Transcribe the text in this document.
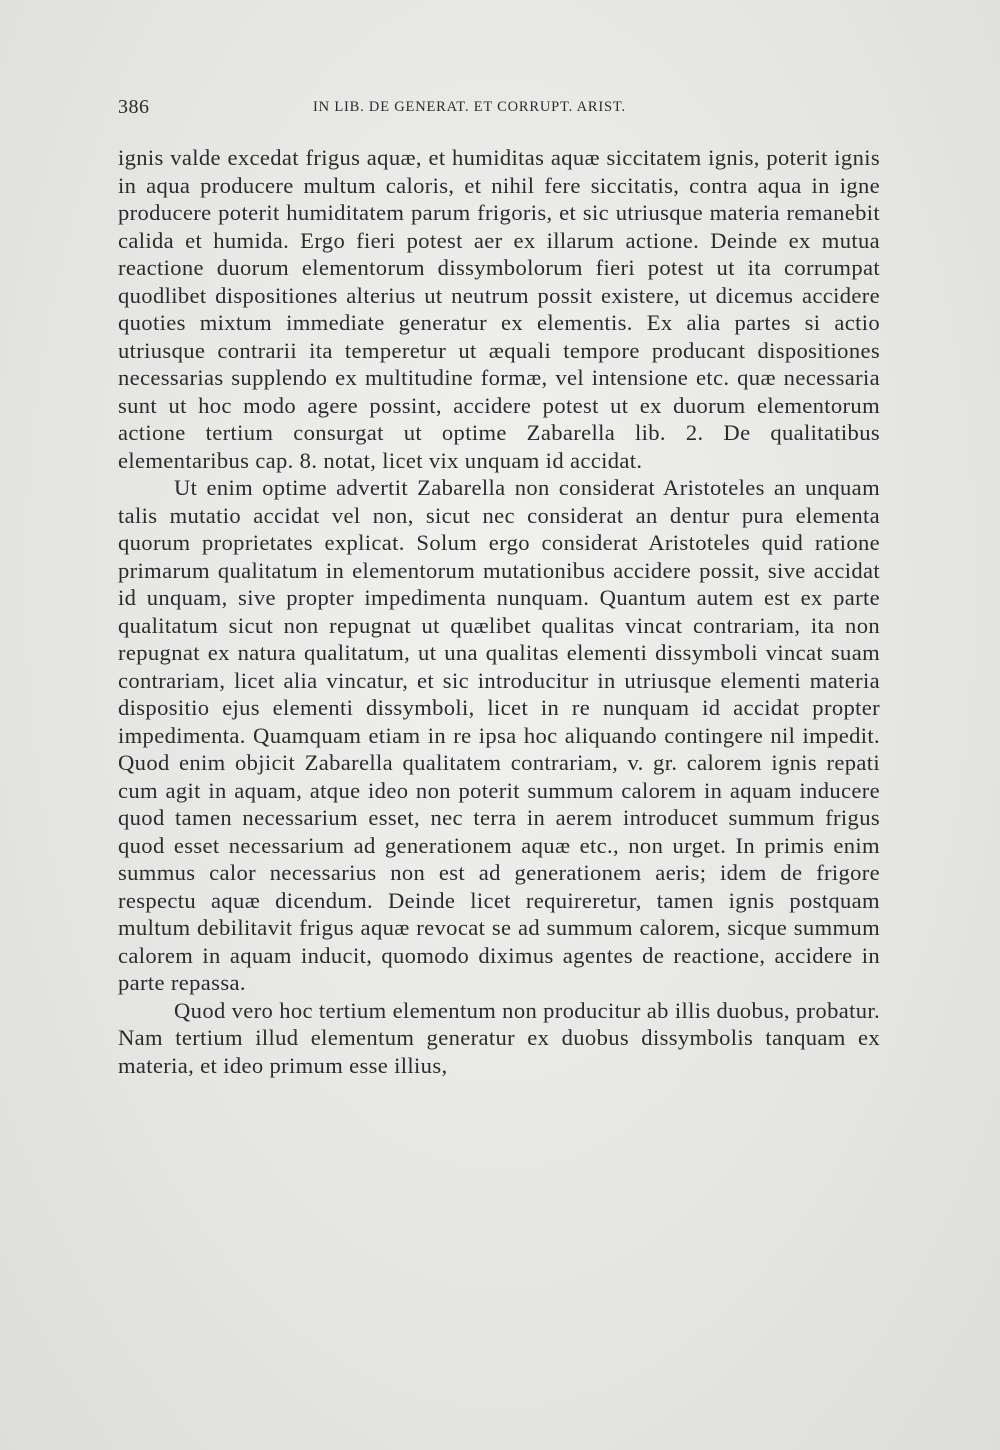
386	IN LIB. DE GENERAT. ET CORRUPT. ARIST.

ignis valde excedat frigus aquæ, et humiditas aquæ siccitatem ignis, poterit ignis in aqua producere multum caloris, et nihil fere siccitatis, contra aqua in igne producere poterit humiditatem parum frigoris, et sic utriusque materia remanebit calida et humida. Ergo fieri potest aer ex illarum actione. Deinde ex mutua reactione duorum elementorum dissymbolorum fieri potest ut ita corrumpat quodlibet dispositiones alterius ut neutrum possit existere, ut dicemus accidere quoties mixtum immediate generatur ex elementis. Ex alia partes si actio utriusque contrarii ita temperetur ut æquali tempore producant dispositiones necessarias supplendo ex multitudine formæ, vel intensione etc. quæ necessaria sunt ut hoc modo agere possint, accidere potest ut ex duorum elementorum actione tertium consurgat ut optime Zabarella lib. 2. De qualitatibus elementaribus cap. 8. notat, licet vix unquam id accidat.

Ut enim optime advertit Zabarella non considerat Aristoteles an unquam talis mutatio accidat vel non, sicut nec considerat an dentur pura elementa quorum proprietates explicat. Solum ergo considerat Aristoteles quid ratione primarum qualitatum in elementorum mutationibus accidere possit, sive accidat id unquam, sive propter impedimenta nunquam. Quantum autem est ex parte qualitatum sicut non repugnat ut quælibet qualitas vincat contrariam, ita non repugnat ex natura qualitatum, ut una qualitas elementi dissymboli vincat suam contrariam, licet alia vincatur, et sic introducitur in utriusque elementi materia dispositio ejus elementi dissymboli, licet in re nunquam id accidat propter impedimenta. Quamquam etiam in re ipsa hoc aliquando contingere nil impedit. Quod enim objicit Zabarella qualitatem contrariam, v. gr. calorem ignis repati cum agit in aquam, atque ideo non poterit summum calorem in aquam inducere quod tamen necessarium esset, nec terra in aerem introducet summum frigus quod esset necessarium ad generationem aquæ etc., non urget. In primis enim summus calor necessarius non est ad generationem aeris; idem de frigore respectu aquæ dicendum. Deinde licet requireretur, tamen ignis postquam multum debilitavit frigus aquæ revocat se ad summum calorem, sicque summum calorem in aquam inducit, quomodo diximus agentes de reactione, accidere in parte repassa.

Quod vero hoc tertium elementum non producitur ab illis duobus, probatur. Nam tertium illud elementum generatur ex duobus dissymbolis tanquam ex materia, et ideo primum esse illius,
